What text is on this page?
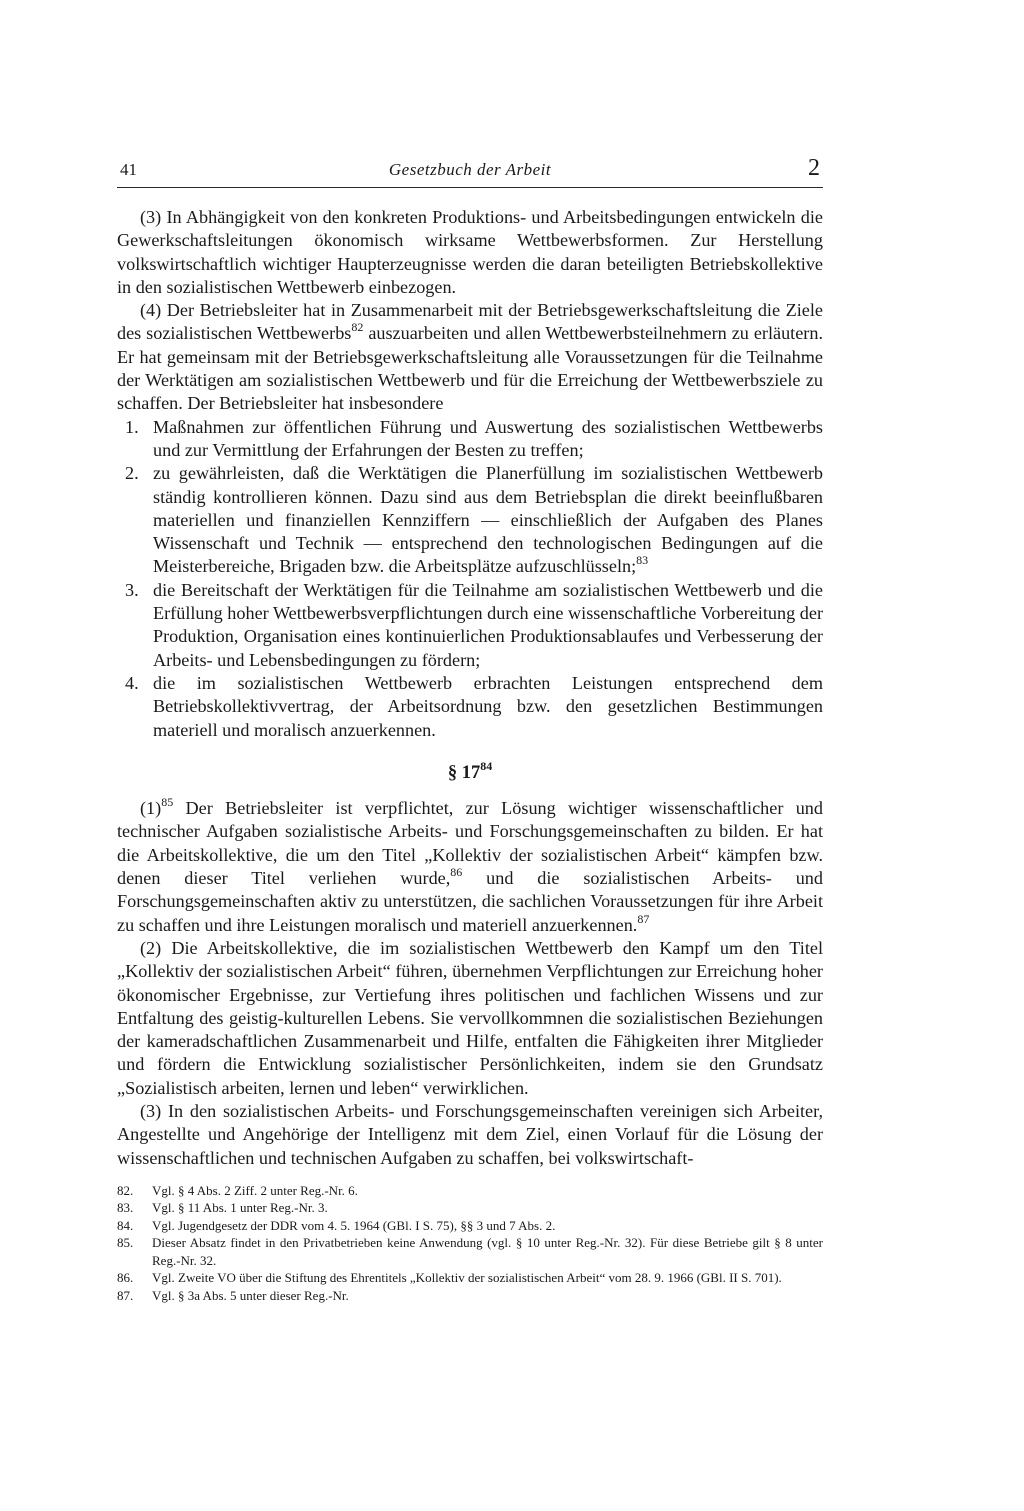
41	Gesetzbuch der Arbeit	2

(3) In Abhängigkeit von den konkreten Produktions- und Arbeitsbedingungen entwickeln die Gewerkschaftsleitungen ökonomisch wirksame Wettbewerbsformen. Zur Herstellung volkswirtschaftlich wichtiger Haupterzeugnisse werden die daran beteiligten Betriebskollektive in den sozialistischen Wettbewerb einbezogen.

(4) Der Betriebsleiter hat in Zusammenarbeit mit der Betriebsgewerkschaftsleitung die Ziele des sozialistischen Wettbewerbs$^{82}$ auszuarbeiten und allen Wettbewerbsteilnehmern zu erläutern. Er hat gemeinsam mit der Betriebsgewerkschaftsleitung alle Voraussetzungen für die Teilnahme der Werktätigen am sozialistischen Wettbewerb und für die Erreichung der Wettbewerbsziele zu schaffen. Der Betriebsleiter hat insbesondere

1. Maßnahmen zur öffentlichen Führung und Auswertung des sozialistischen Wettbewerbs und zur Vermittlung der Erfahrungen der Besten zu treffen;
2. zu gewährleisten, daß die Werktätigen die Planerfüllung im sozialistischen Wettbewerb ständig kontrollieren können. Dazu sind aus dem Betriebsplan die direkt beeinflußbaren materiellen und finanziellen Kennziffern — einschließlich der Aufgaben des Planes Wissenschaft und Technik — entsprechend den technologischen Bedingungen auf die Meisterbereiche, Brigaden bzw. die Arbeitsplätze aufzuschlüsseln;$^{83}$
3. die Bereitschaft der Werktätigen für die Teilnahme am sozialistischen Wettbewerb und die Erfüllung hoher Wettbewerbsverpflichtungen durch eine wissenschaftliche Vorbereitung der Produktion, Organisation eines kontinuierlichen Produktionsablaufes und Verbesserung der Arbeits- und Lebensbedingungen zu fördern;
4. die im sozialistischen Wettbewerb erbrachten Leistungen entsprechend dem Betriebskollektivvertrag, der Arbeitsordnung bzw. den gesetzlichen Bestimmungen materiell und moralisch anzuerkennen.
§ $17^{84}$

$(1)^{85}$ Der Betriebsleiter ist verpflichtet, zur Lösung wichtiger wissenschaftlicher und technischer Aufgaben sozialistische Arbeits- und Forschungsgemeinschaften zu bilden. Er hat die Arbeitskollektive, die um den Titel „Kollektiv der sozialistischen Arbeit“ kämpfen bzw. denen dieser Titel verliehen wurde,$^{86}$ und die sozialistischen Arbeits- und Forschungsgemeinschaften aktiv zu unterstützen, die sachlichen Voraussetzungen für ihre Arbeit zu schaffen und ihre Leistungen moralisch und materiell anzuerkennen.$^{87}$

(2) Die Arbeitskollektive, die im sozialistischen Wettbewerb den Kampf um den Titel „Kollektiv der sozialistischen Arbeit“ führen, übernehmen Verpflichtungen zur Erreichung hoher ökonomischer Ergebnisse, zur Vertiefung ihres politischen und fachlichen Wissens und zur Entfaltung des geistig-kulturellen Lebens. Sie vervollkommnen die sozialistischen Beziehungen der kameradschaftlichen Zusammenarbeit und Hilfe, entfalten die Fähigkeiten ihrer Mitglieder und fördern die Entwicklung sozialistischer Persönlichkeiten, indem sie den Grundsatz „Sozialistisch arbeiten, lernen und leben“ verwirklichen.

(3) In den sozialistischen Arbeits- und Forschungsgemeinschaften vereinigen sich Arbeiter, Angestellte und Angehörige der Intelligenz mit dem Ziel, einen Vorlauf für die Lösung der wissenschaftlichen und technischen Aufgaben zu schaffen, bei volkswirtschaft-

82. Vgl. § 4 Abs. 2 Ziff. 2 unter Reg.-Nr. 6.
83. Vgl. § 11 Abs. 1 unter Reg.-Nr. 3.
84. Vgl. Jugendgesetz der DDR vom 4. 5. 1964 (GBl. I S. 75), §§ 3 und 7 Abs. 2.
85. Dieser Absatz findet in den Privatbetrieben keine Anwendung (vgl. § 10 unter Reg.-Nr. 32). Für diese Betriebe gilt § 8 unter Reg.-Nr. 32.
86. Vgl. Zweite VO über die Stiftung des Ehrentitels „Kollektiv der sozialistischen Arbeit“ vom 28. 9. 1966 (GBl. II S. 701).
87. Vgl. § 3a Abs. 5 unter dieser Reg.-Nr.
